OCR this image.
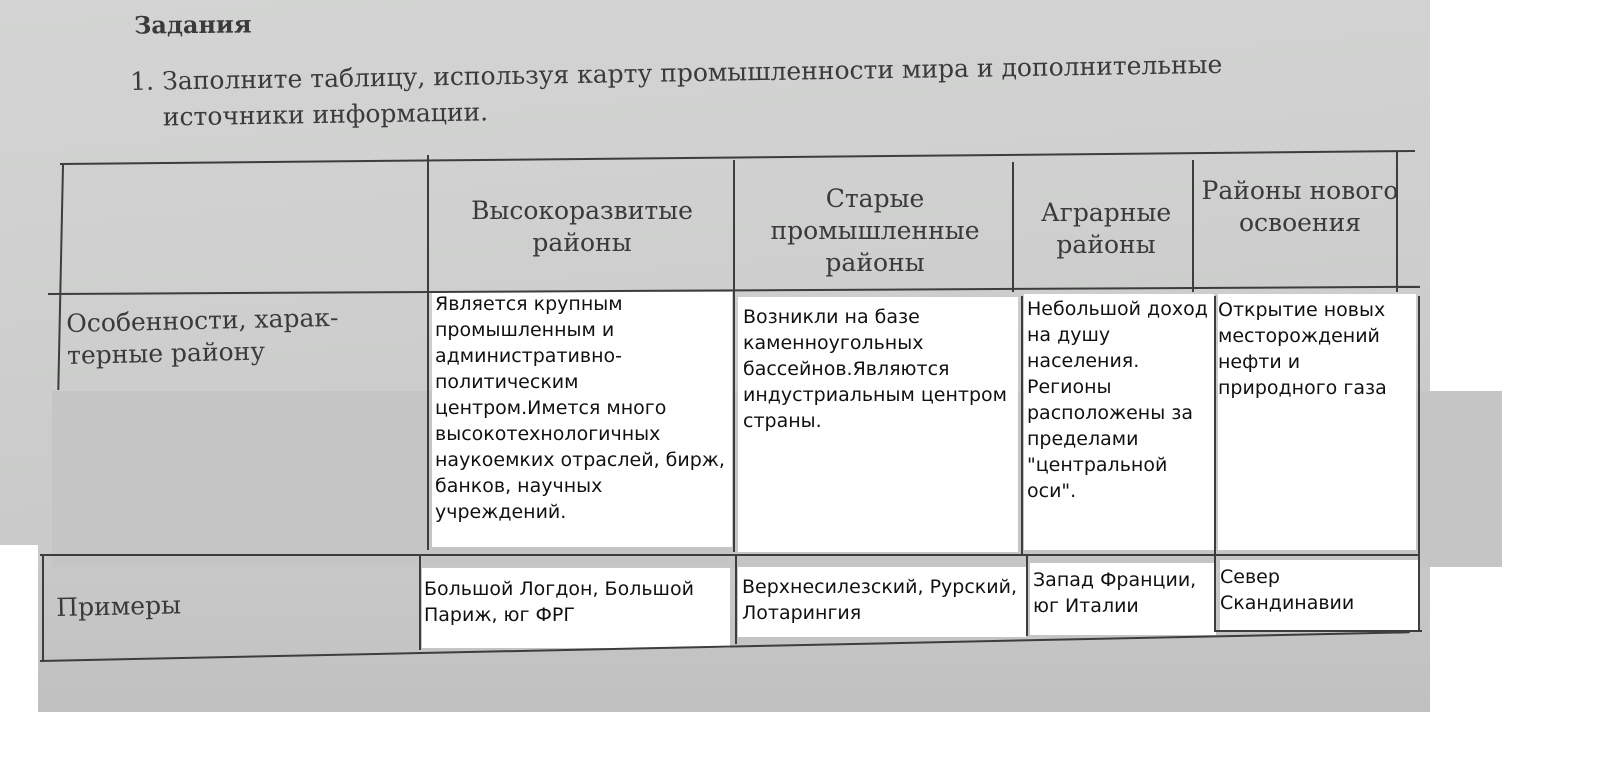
Задания
1. Заполните таблицу, используя карту промышленности мира и дополнительные
источники информации.
Высокоразвитые районы
Старые промышленные районы
Аграрные районы
Районы нового освоения
Особенности, харак-
терные району
Примеры
Является крупным промышленным и административно-политическим центром.Имется много высокотехнологичных наукоемких отраслей, бирж, банков, научных учреждений.
Возникли на базе каменноугольных бассейнов.Являются индустриальным центром страны.
Небольшой доход на душу населения. Регионы расположены за пределами "центральной оси".
Открытие новых месторождений нефти и природного газа
Большой Логдон, Большой Париж, юг ФРГ
Верхнесилезский, Рурский, Лотарингия
Запад Франции, юг Италии
Север Скандинавии
